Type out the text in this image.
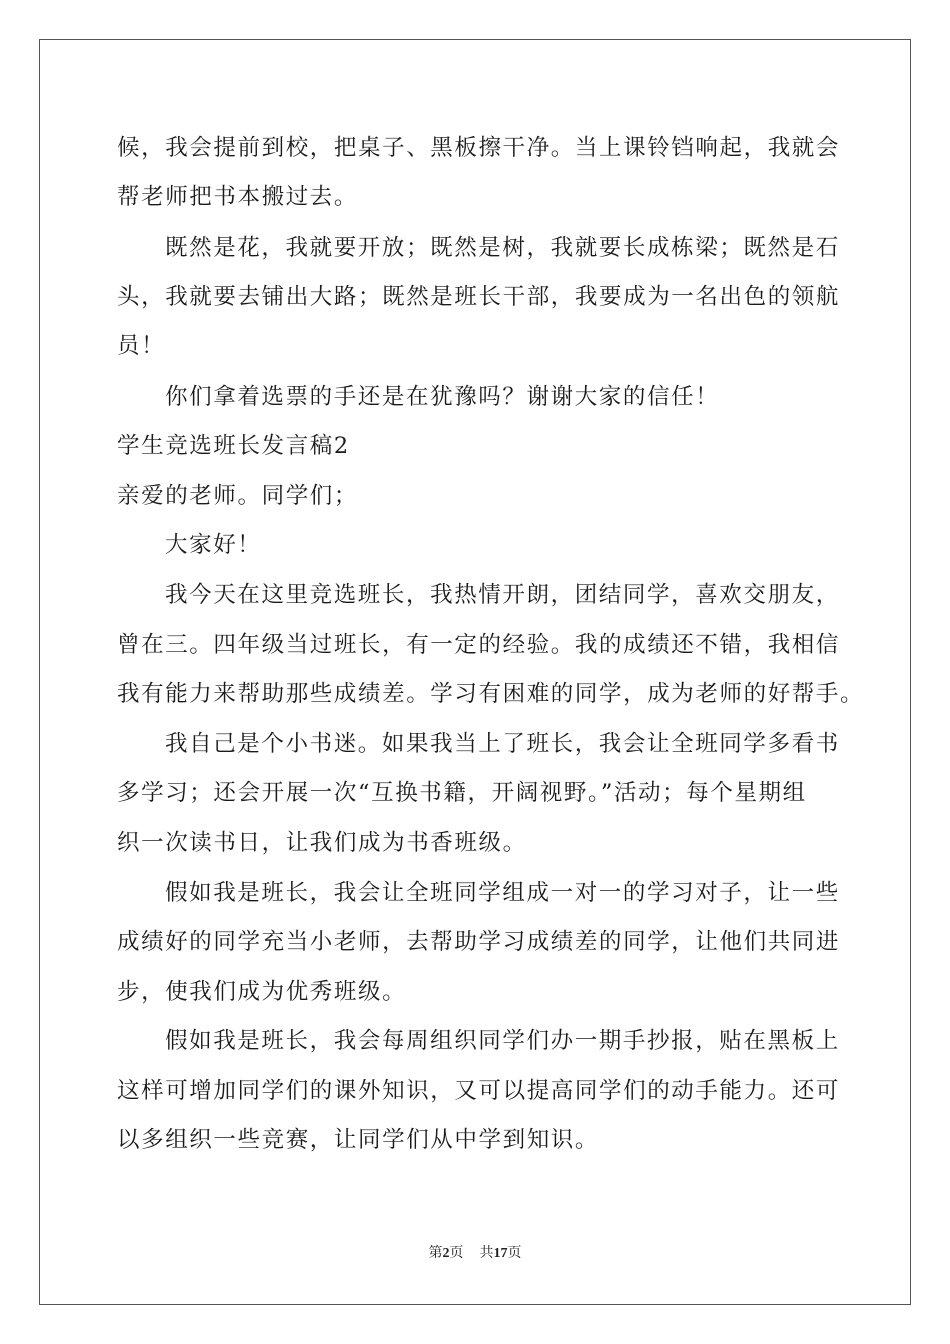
候，我会提前到校，把桌子、黑板擦干净。当上课铃铛响起，我就会
帮老师把书本搬过去。
既然是花，我就要开放；既然是树，我就要长成栋梁；既然是石
头，我就要去铺出大路；既然是班长干部，我要成为一名出色的领航
员！
你们拿着选票的手还是在犹豫吗？谢谢大家的信任！
学生竞选班长发言稿2
亲爱的老师。同学们；
大家好！
我今天在这里竞选班长，我热情开朗，团结同学，喜欢交朋友，
曾在三。四年级当过班长，有一定的经验。我的成绩还不错，我相信
我有能力来帮助那些成绩差。学习有困难的同学，成为老师的好帮手。
我自己是个小书迷。如果我当上了班长，我会让全班同学多看书
多学习；还会开展一次“互换书籍，开阔视野。”活动；每个星期组
织一次读书日，让我们成为书香班级。
假如我是班长，我会让全班同学组成一对一的学习对子，让一些
成绩好的同学充当小老师，去帮助学习成绩差的同学，让他们共同进
步，使我们成为优秀班级。
假如我是班长，我会每周组织同学们办一期手抄报，贴在黑板上
这样可增加同学们的课外知识，又可以提高同学们的动手能力。还可
以多组织一些竞赛，让同学们从中学到知识。
第2页 共17页
